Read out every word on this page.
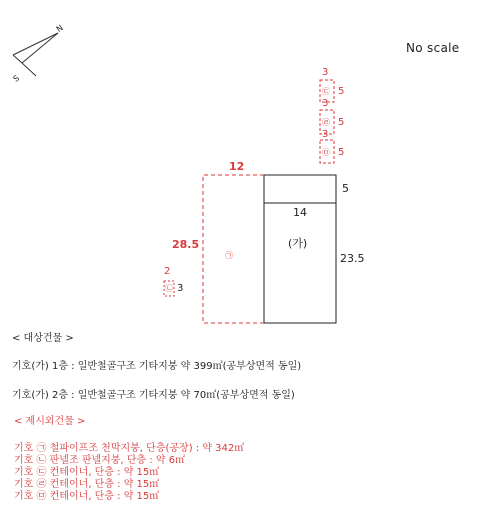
N
S
No scale
3
㉢ 5
3
㉣ 5
3
㉤ 5
12
28.5
㉠
2
㉡ 3
5
14
(가)
23.5
< 대상건물 >
기호(가) 1층 : 일반철골구조 기타지붕 약 399㎡(공부상면적 동일)
기호(가) 2층 : 일반철골구조 기타지붕 약 70㎡(공부상면적 동일)
< 제시외건물 >
기호 ㉠ 철파이프조 천막지붕, 단층(공장) : 약 342㎡
기호 ㉡ 판넬조 판넬지붕, 단층 : 약 6㎡
기호 ㉢ 컨테이너, 단층 : 약 15㎡
기호 ㉣ 컨테이너, 단층 : 약 15㎡
기호 ㉤ 컨테이너, 단층 : 약 15㎡
